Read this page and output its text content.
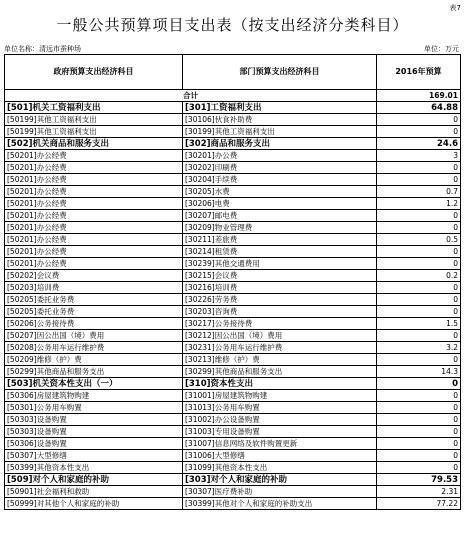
表7
一般公共预算项目支出表（按支出经济分类科目）
单位名称：清远市蚕种场	单位：万元
政府预算支出经济科目	部门预算支出经济科目	2016年预算
合计		169.01
[501]机关工资福利支出	[301]工资福利支出	64.88
[50199]其他工资福利支出	[30106]伙食补助费	0
[50199]其他工资福利支出	[30199]其他工资福利支出	0
[502]机关商品和服务支出	[302]商品和服务支出	24.6
[50201]办公经费	[30201]办公费	3
[50201]办公经费	[30202]印刷费	0
[50201]办公经费	[30204]手续费	0
[50201]办公经费	[30205]水费	0.7
[50201]办公经费	[30206]电费	1.2
[50201]办公经费	[30207]邮电费	0
[50201]办公经费	[30209]物业管理费	0
[50201]办公经费	[30211]差旅费	0.5
[50201]办公经费	[30214]租赁费	0
[50201]办公经费	[30239]其他交通费用	0
[50202]会议费	[30215]会议费	0.2
[50203]培训费	[30216]培训费	0
[50205]委托业务费	[30226]劳务费	0
[50205]委托业务费	[30203]咨询费	0
[50206]公务接待费	[30217]公务接待费	1.5
[50207]因公出国（境）费用	[30212]因公出国（境）费用	0
[50208]公务用车运行维护费	[30231]公务用车运行维护费	3.2
[50209]维修（护）费	[30213]维修（护）费	0
[50299]其他商品和服务支出	[30299]其他商品和服务支出	14.3
[503]机关资本性支出（一）	[310]资本性支出	0
[50306]房屋建筑物购建	[31001]房屋建筑物购建	0
[50301]公务用车购置	[31013]公务用车购置	0
[50303]设备购置	[31002]办公设备购置	0
[50303]设备购置	[31003]专用设备购置	0
[50306]设备购置	[31007]信息网络及软件购置更新	0
[50307]大型修缮	[31006]大型修缮	0
[50399]其他资本性支出	[31099]其他资本性支出	0
[509]对个人和家庭的补助	[303]对个人和家庭的补助	79.53
[50901]社会福利和救助	[30307]医疗费补助	2.31
[50999]对其他个人和家庭的补助	[30399]其他对个人和家庭的补助支出	77.22
